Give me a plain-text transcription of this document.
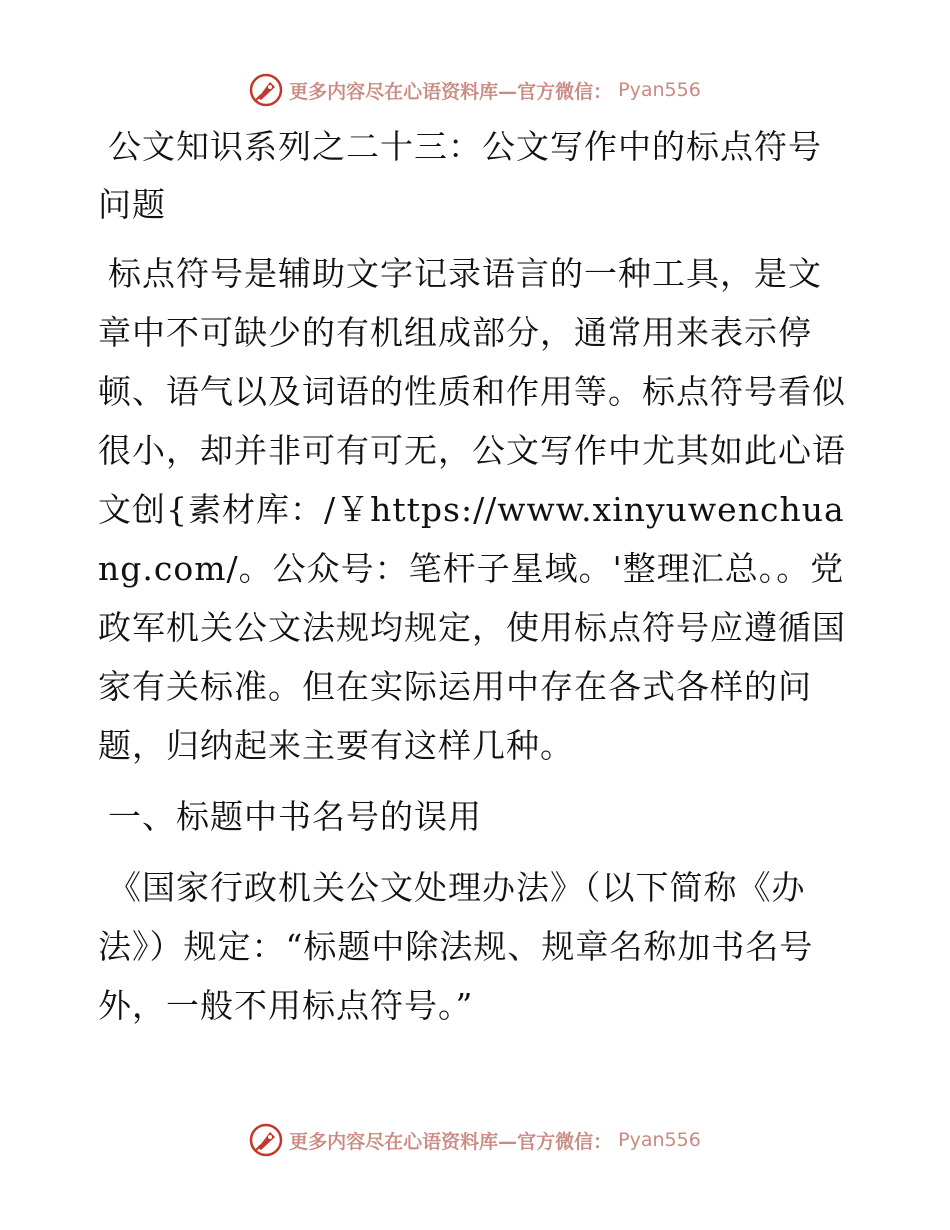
更多内容尽在心语资料库—官方微信： Pyan556
公文知识系列之二十三：公文写作中的标点符号问题
标点符号是辅助文字记录语言的一种工具，是文章中不可缺少的有机组成部分，通常用来表示停顿、语气以及词语的性质和作用等。标点符号看似很小，却并非可有可无，公文写作中尤其如此心语文创{素材库：/￥https://www.xinyuwenchuang.com/。公众号：笔杆子星域。'整理汇总。。党政军机关公文法规均规定，使用标点符号应遵循国家有关标准。但在实际运用中存在各式各样的问题，归纳起来主要有这样几种。
一、标题中书名号的误用
《国家行政机关公文处理办法》（以下简称《办法》）规定：“标题中除法规、规章名称加书名号外，一般不用标点符号。”
更多内容尽在心语资料库—官方微信： Pyan556
